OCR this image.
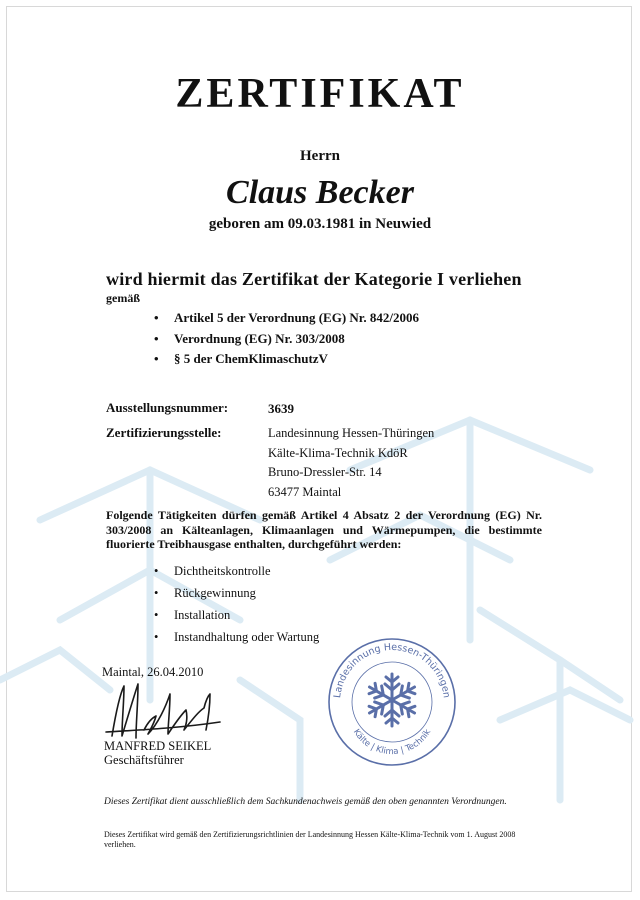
ZERTIFIKAT
Herrn
Claus Becker
geboren am 09.03.1981 in Neuwied
wird hiermit das Zertifikat der Kategorie I verliehen
gemäß
• Artikel 5 der Verordnung (EG) Nr. 842/2006
• Verordnung (EG) Nr. 303/2008
• § 5 der ChemKlimaschutzV
Ausstellungsnummer:	3639
Zertifizierungsstelle:	Landesinnung Hessen-Thüringen
Kälte-Klima-Technik KdöR
Bruno-Dressler-Str. 14
63477 Maintal
Folgende Tätigkeiten dürfen gemäß Artikel 4 Absatz 2 der Verordnung (EG) Nr. 303/2008 an Kälteanlagen, Klimaanlagen und Wärmepumpen, die bestimmte fluorierte Treibhausgase enthalten, durchgeführt werden:
• Dichtheitskontrolle
• Rückgewinnung
• Installation
• Instandhaltung oder Wartung
Maintal, 26.04.2010
MANFRED SEIKEL
Geschäftsführer
Landesinnung Hessen-Thüringen
Kälte | Klima | Technik
Dieses Zertifikat dient ausschließlich dem Sachkundenachweis gemäß den oben genannten Verordnungen.
Dieses Zertifikat wird gemäß den Zertifizierungsrichtlinien der Landesinnung Hessen Kälte-Klima-Technik vom 1. August 2008 verliehen.
